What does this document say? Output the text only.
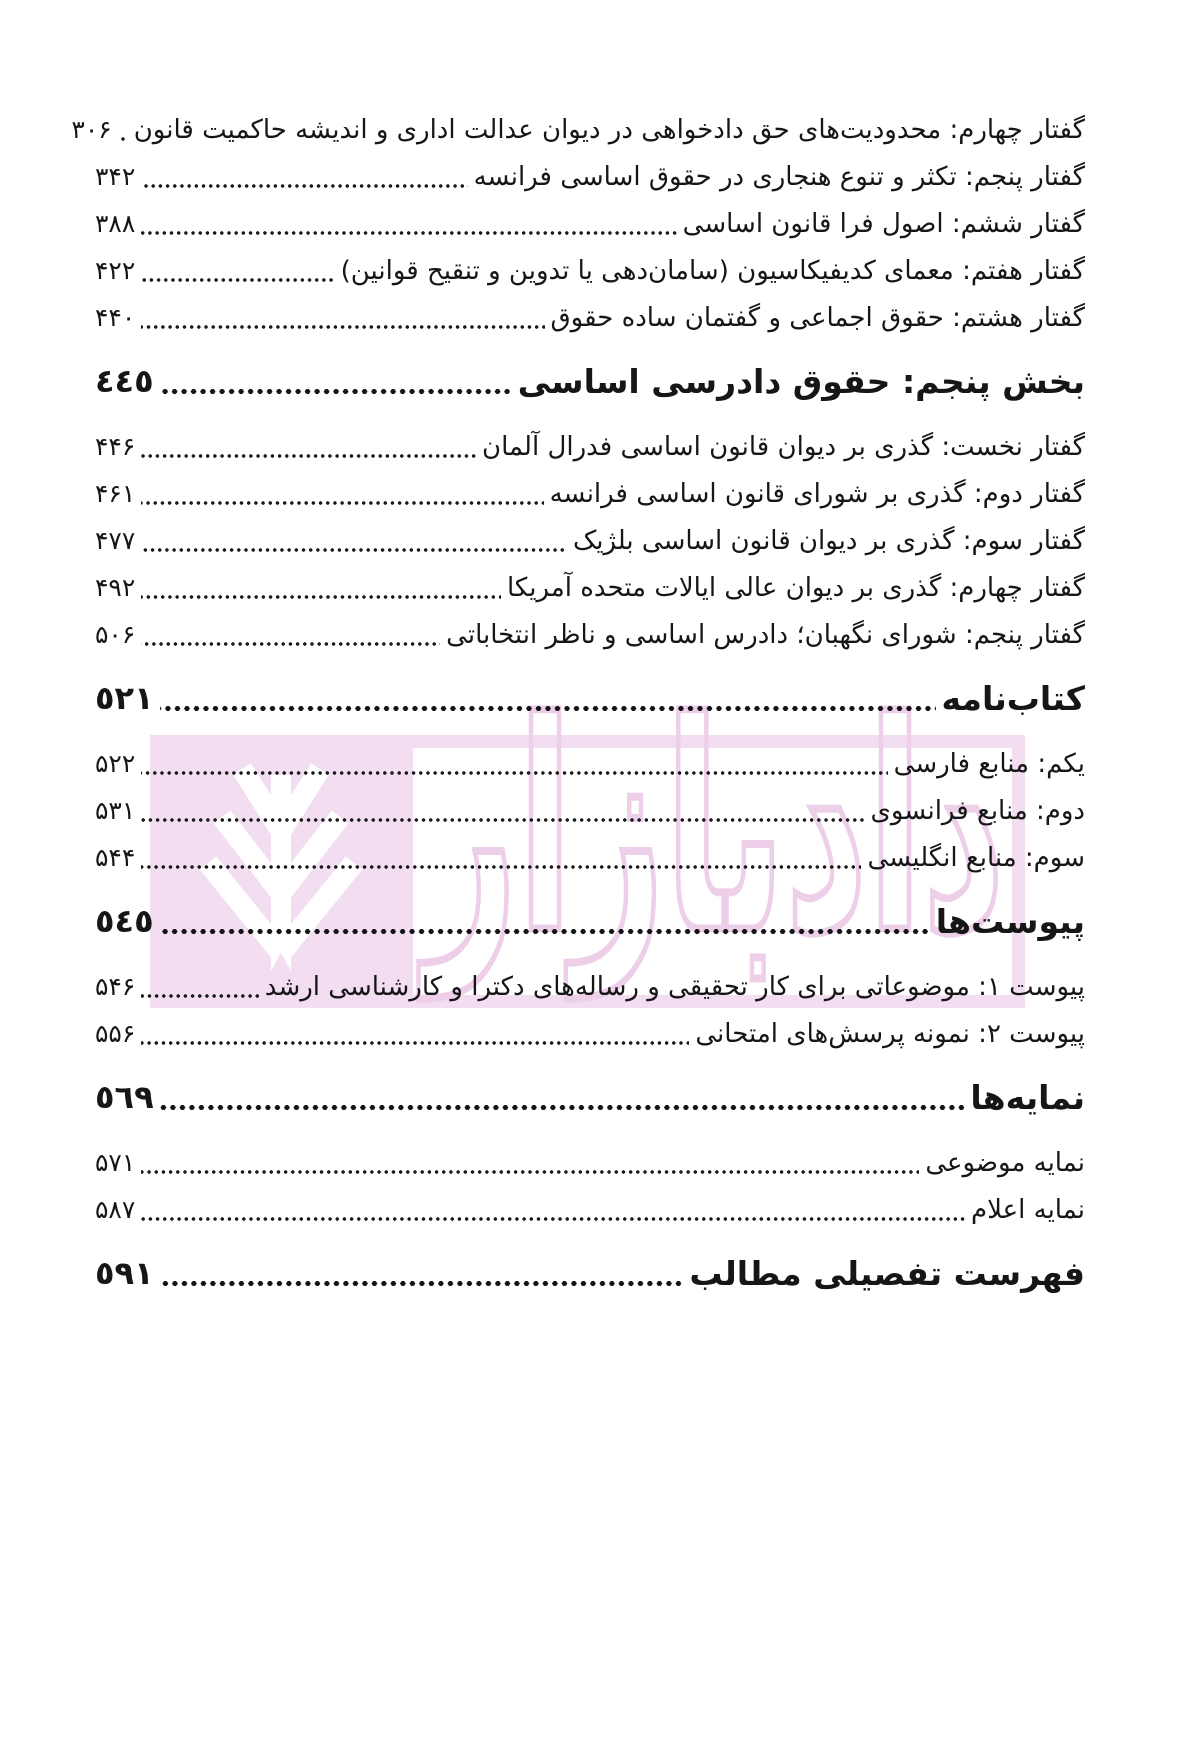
گفتار چهارم: محدودیت‌های حق دادخواهی در دیوان عدالت اداری و اندیشه حاکمیت قانون
۳۰۶
گفتار پنجم: تکثر و تنوع هنجاری در حقوق اساسی فرانسه
۳۴۲
گفتار ششم: اصول فرا قانون اساسی
۳۸۸
گفتار هفتم: معمای کدیفیکاسیون (سامان‌دهی یا تدوین و تنقیح قوانین)
۴۲۲
گفتار هشتم: حقوق اجماعی و گفتمان ساده حقوق
۴۴۰
بخش پنجم: حقوق دادرسی اساسی
٤٤٥
گفتار نخست: گذری بر دیوان قانون اساسی فدرال آلمان
۴۴۶
گفتار دوم: گذری بر شورای قانون اساسی فرانسه
۴۶۱
گفتار سوم: گذری بر دیوان قانون اساسی بلژیک
۴۷۷
گفتار چهارم: گذری بر دیوان عالی ایالات متحده آمریکا
۴۹۲
گفتار پنجم: شورای نگهبان؛ دادرس اساسی و ناظر انتخاباتی
۵۰۶
کتاب‌نامه
٥٢١
یکم: منابع فارسی
۵۲۲
دوم: منابع فرانسوی
۵۳۱
سوم: منابع انگلیسی
۵۴۴
پیوست‌ها
٥٤٥
پیوست ۱: موضوعاتی برای کار تحقیقی و رساله‌های دکترا و کارشناسی ارشد
۵۴۶
پیوست ۲: نمونه پرسش‌های امتحانی
۵۵۶
نمایه‌ها
٥٦٩
نمایه موضوعی
۵۷۱
نمایه اعلام
۵۸۷
فهرست تفصیلی مطالب
٥٩١
